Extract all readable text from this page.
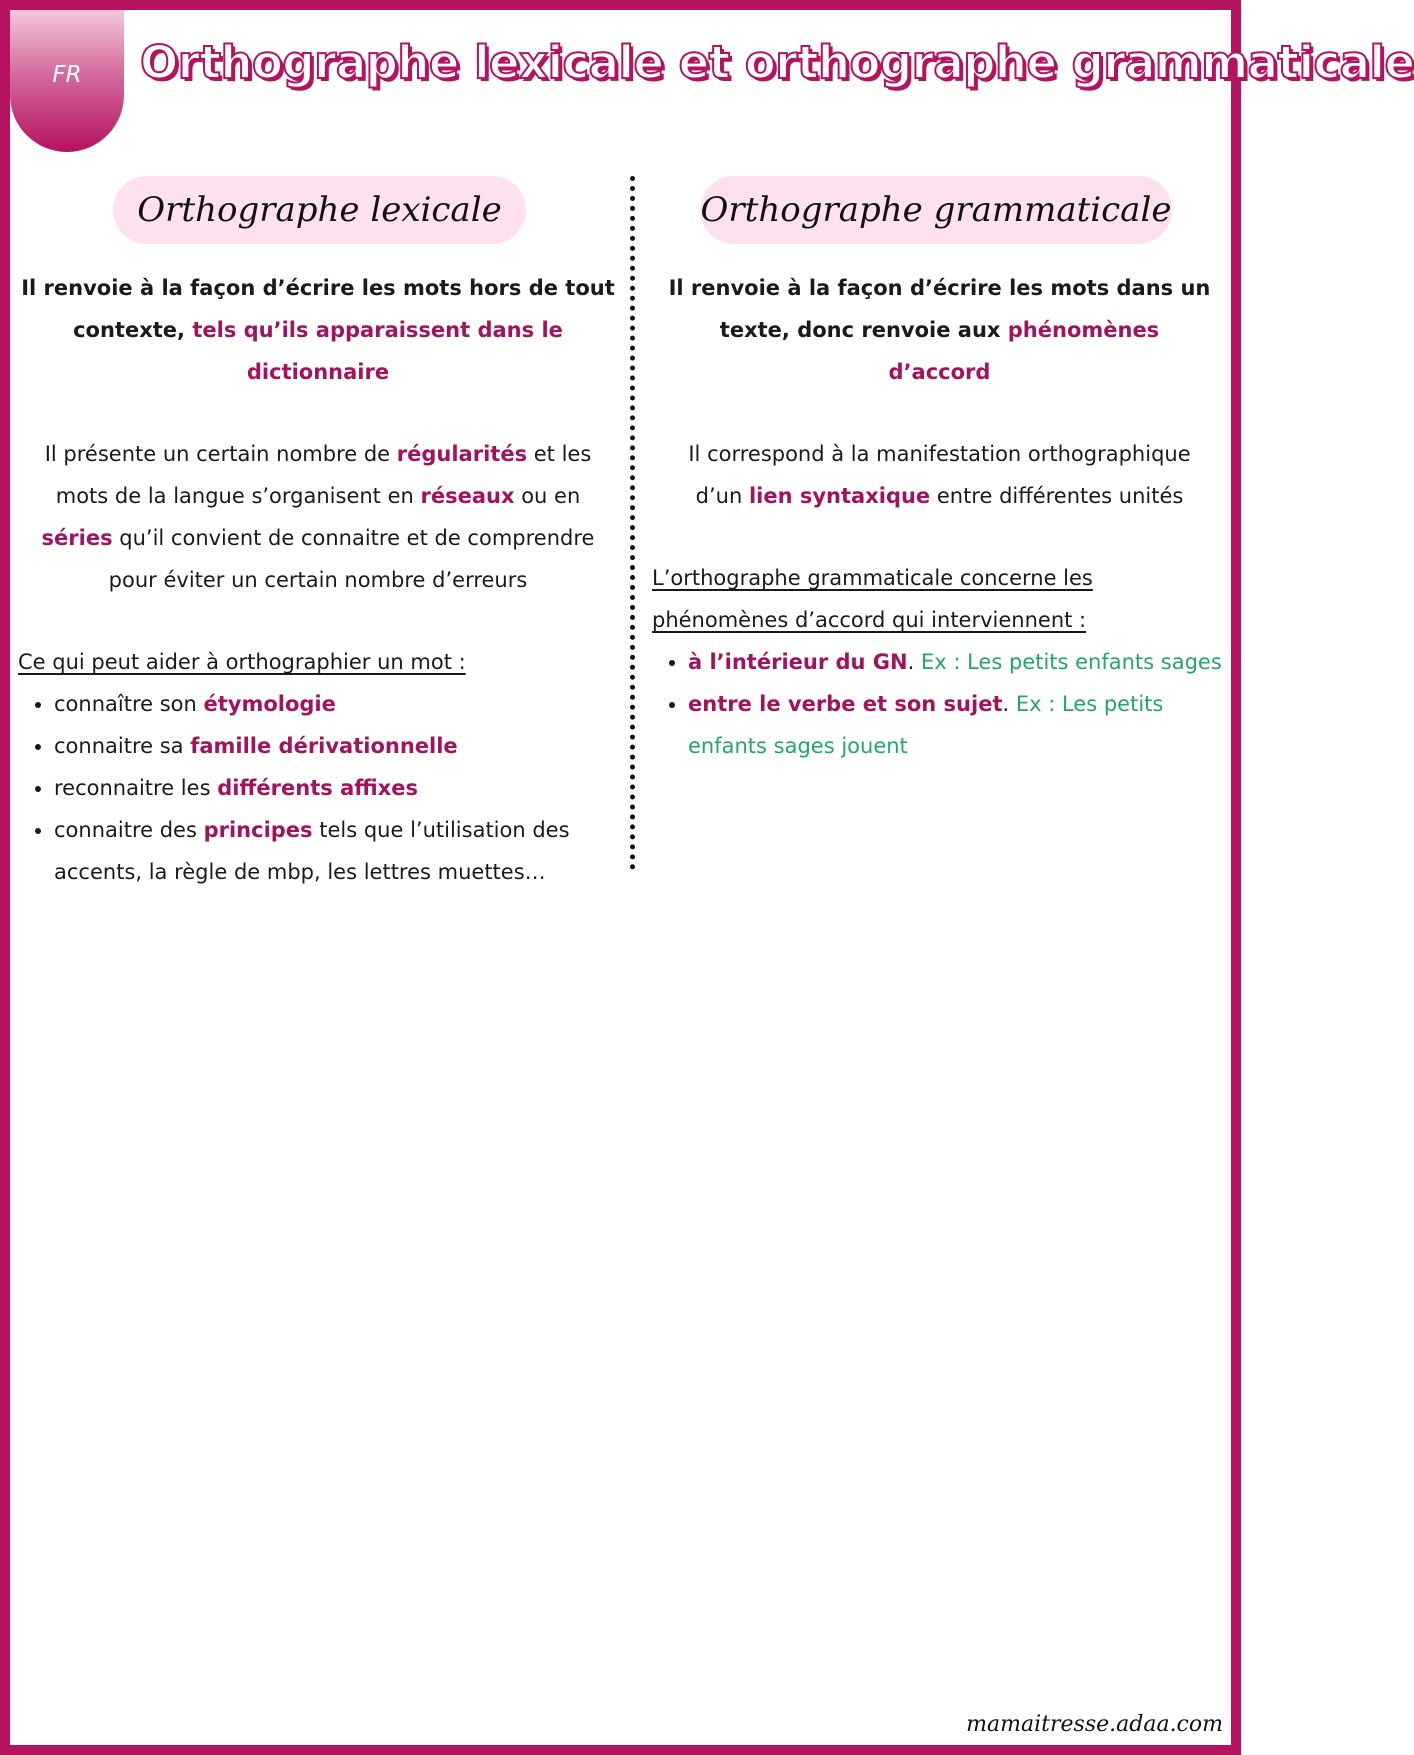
FR	Orthographe lexicale et orthographe grammaticale
Orthographe lexicale	Orthographe grammaticale
Il renvoie à la façon d’écrire les mots hors de tout contexte, tels qu’ils apparaissent dans le dictionnaire
Il présente un certain nombre de régularités et les mots de la langue s’organisent en réseaux ou en séries qu’il convient de connaitre et de comprendre pour éviter un certain nombre d’erreurs
Ce qui peut aider à orthographier un mot :
• connaître son étymologie
• connaitre sa famille dérivationnelle
• reconnaitre les différents affixes
• connaitre des principes tels que l’utilisation des accents, la règle de mbp, les lettres muettes…
Il renvoie à la façon d’écrire les mots dans un texte, donc renvoie aux phénomènes d’accord
Il correspond à la manifestation orthographique d’un lien syntaxique entre différentes unités
L’orthographe grammaticale concerne les phénomènes d’accord qui interviennent :
• à l’intérieur du GN. Ex : Les petits enfants sages
• entre le verbe et son sujet. Ex : Les petits enfants sages jouent
mamaitresse.adaa.com
